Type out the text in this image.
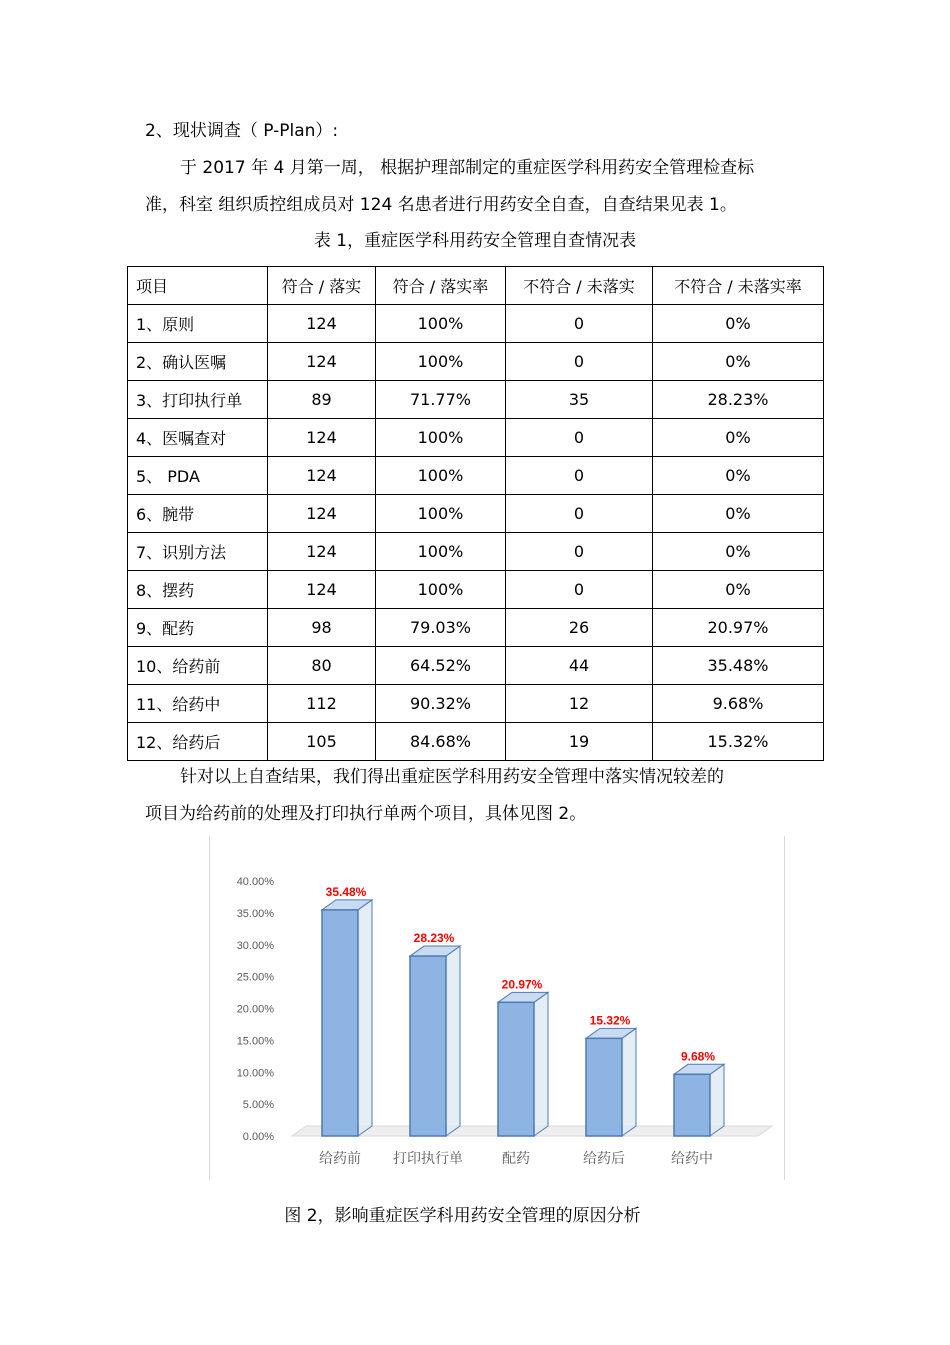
2、现状调查（ P-Plan）:
于 2017 年 4 月第一周， 根据护理部制定的重症医学科用药安全管理检查标
准，科室 组织质控组成员对 124 名患者进行用药安全自查，自查结果见表 1。
表 1，重症医学科用药安全管理自查情况表
项目	符合 / 落实	符合 / 落实率	不符合 / 未落实	不符合 / 未落实率
1、原则	124	100%	0	0%
2、确认医嘱	124	100%	0	0%
3、打印执行单	89	71.77%	35	28.23%
4、医嘱查对	124	100%	0	0%
5、 PDA	124	100%	0	0%
6、腕带	124	100%	0	0%
7、识别方法	124	100%	0	0%
8、摆药	124	100%	0	0%
9、配药	98	79.03%	26	20.97%
10、给药前	80	64.52%	44	35.48%
11、给药中	112	90.32%	12	9.68%
12、给药后	105	84.68%	19	15.32%
针对以上自查结果，我们得出重症医学科用药安全管理中落实情况较差的
项目为给药前的处理及打印执行单两个项目，具体见图 2。
0.00%
5.00%
10.00%
15.00%
20.00%
25.00%
30.00%
35.00%
40.00%
35.48%
给药前
28.23%
打印执行单
20.97%
配药
15.32%
给药后
9.68%
给药中
图 2，影响重症医学科用药安全管理的原因分析
